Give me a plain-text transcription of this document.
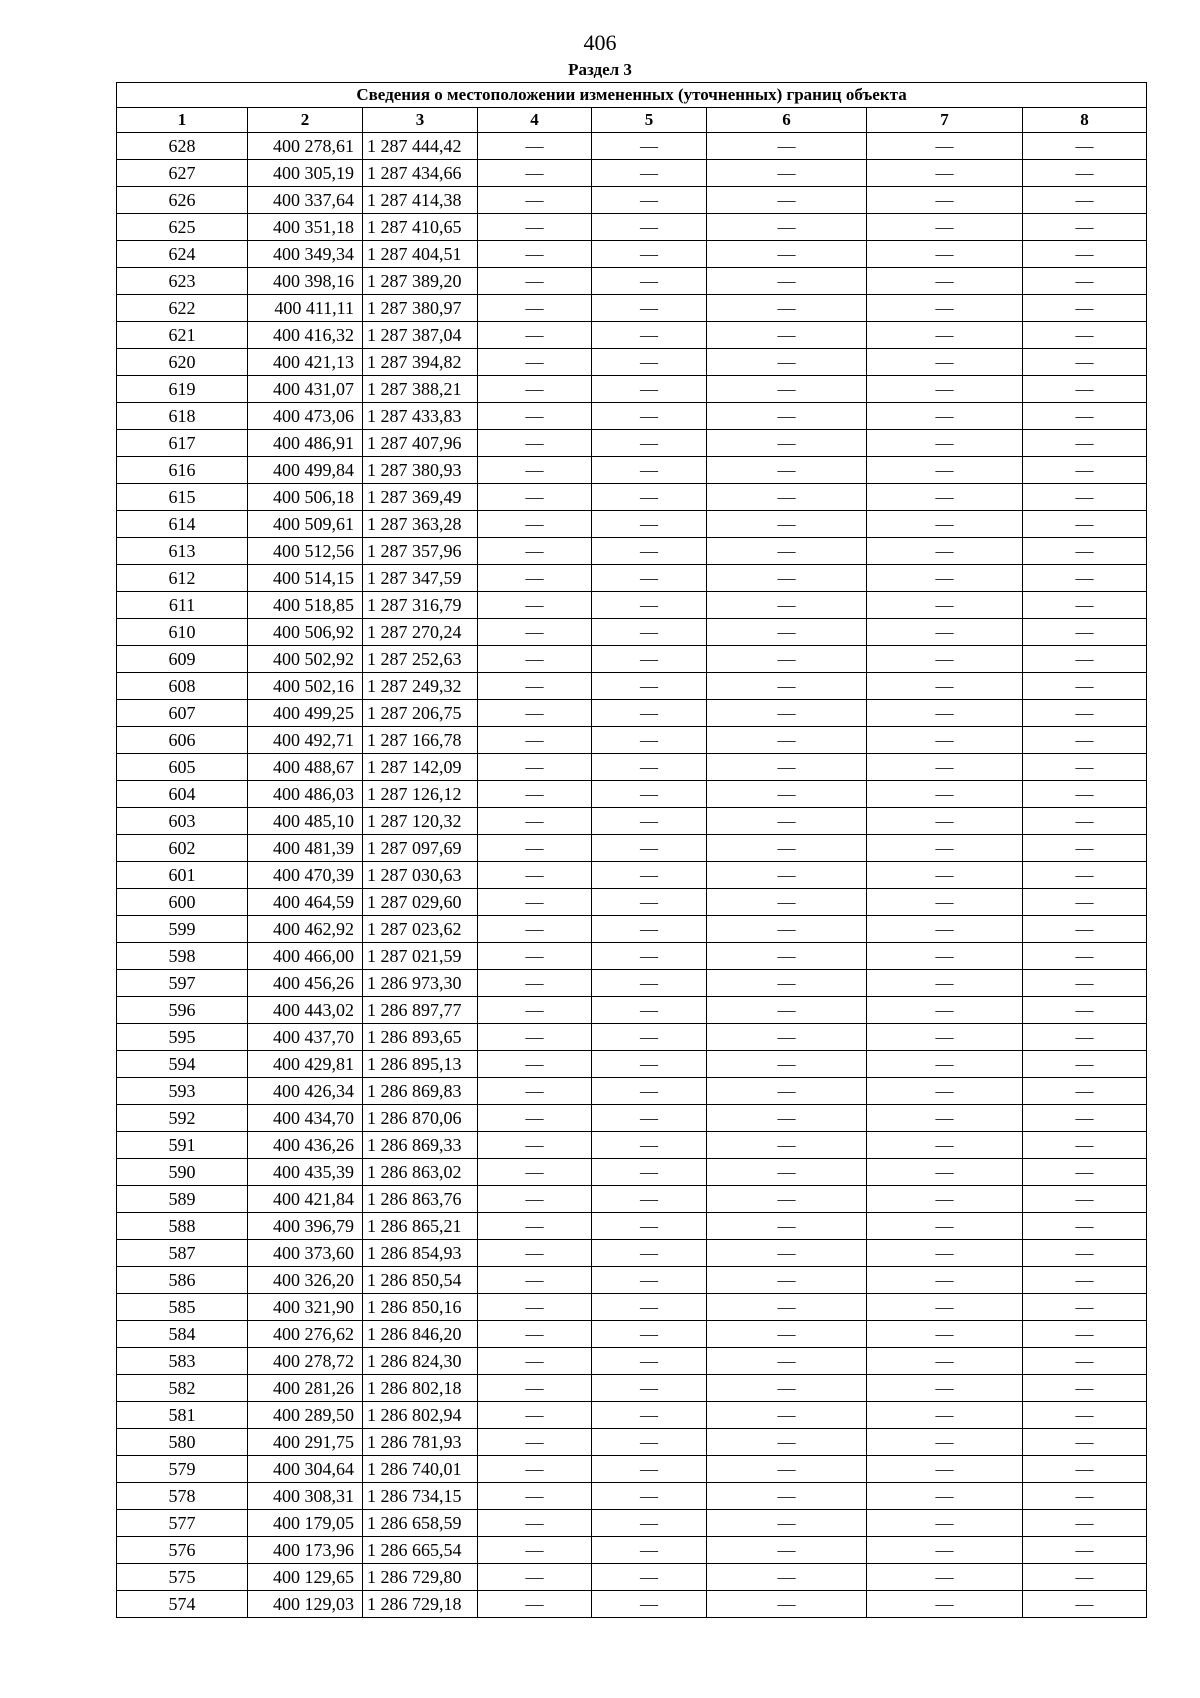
406
Раздел 3
Сведения о местоположении измененных (уточненных) границ объекта							
1	2	3	4	5	6	7	8
628	400 278,61	1 287 444,42	—	—	—	—	—
627	400 305,19	1 287 434,66	—	—	—	—	—
626	400 337,64	1 287 414,38	—	—	—	—	—
625	400 351,18	1 287 410,65	—	—	—	—	—
624	400 349,34	1 287 404,51	—	—	—	—	—
623	400 398,16	1 287 389,20	—	—	—	—	—
622	400 411,11	1 287 380,97	—	—	—	—	—
621	400 416,32	1 287 387,04	—	—	—	—	—
620	400 421,13	1 287 394,82	—	—	—	—	—
619	400 431,07	1 287 388,21	—	—	—	—	—
618	400 473,06	1 287 433,83	—	—	—	—	—
617	400 486,91	1 287 407,96	—	—	—	—	—
616	400 499,84	1 287 380,93	—	—	—	—	—
615	400 506,18	1 287 369,49	—	—	—	—	—
614	400 509,61	1 287 363,28	—	—	—	—	—
613	400 512,56	1 287 357,96	—	—	—	—	—
612	400 514,15	1 287 347,59	—	—	—	—	—
611	400 518,85	1 287 316,79	—	—	—	—	—
610	400 506,92	1 287 270,24	—	—	—	—	—
609	400 502,92	1 287 252,63	—	—	—	—	—
608	400 502,16	1 287 249,32	—	—	—	—	—
607	400 499,25	1 287 206,75	—	—	—	—	—
606	400 492,71	1 287 166,78	—	—	—	—	—
605	400 488,67	1 287 142,09	—	—	—	—	—
604	400 486,03	1 287 126,12	—	—	—	—	—
603	400 485,10	1 287 120,32	—	—	—	—	—
602	400 481,39	1 287 097,69	—	—	—	—	—
601	400 470,39	1 287 030,63	—	—	—	—	—
600	400 464,59	1 287 029,60	—	—	—	—	—
599	400 462,92	1 287 023,62	—	—	—	—	—
598	400 466,00	1 287 021,59	—	—	—	—	—
597	400 456,26	1 286 973,30	—	—	—	—	—
596	400 443,02	1 286 897,77	—	—	—	—	—
595	400 437,70	1 286 893,65	—	—	—	—	—
594	400 429,81	1 286 895,13	—	—	—	—	—
593	400 426,34	1 286 869,83	—	—	—	—	—
592	400 434,70	1 286 870,06	—	—	—	—	—
591	400 436,26	1 286 869,33	—	—	—	—	—
590	400 435,39	1 286 863,02	—	—	—	—	—
589	400 421,84	1 286 863,76	—	—	—	—	—
588	400 396,79	1 286 865,21	—	—	—	—	—
587	400 373,60	1 286 854,93	—	—	—	—	—
586	400 326,20	1 286 850,54	—	—	—	—	—
585	400 321,90	1 286 850,16	—	—	—	—	—
584	400 276,62	1 286 846,20	—	—	—	—	—
583	400 278,72	1 286 824,30	—	—	—	—	—
582	400 281,26	1 286 802,18	—	—	—	—	—
581	400 289,50	1 286 802,94	—	—	—	—	—
580	400 291,75	1 286 781,93	—	—	—	—	—
579	400 304,64	1 286 740,01	—	—	—	—	—
578	400 308,31	1 286 734,15	—	—	—	—	—
577	400 179,05	1 286 658,59	—	—	—	—	—
576	400 173,96	1 286 665,54	—	—	—	—	—
575	400 129,65	1 286 729,80	—	—	—	—	—
574	400 129,03	1 286 729,18	—	—	—	—	—
